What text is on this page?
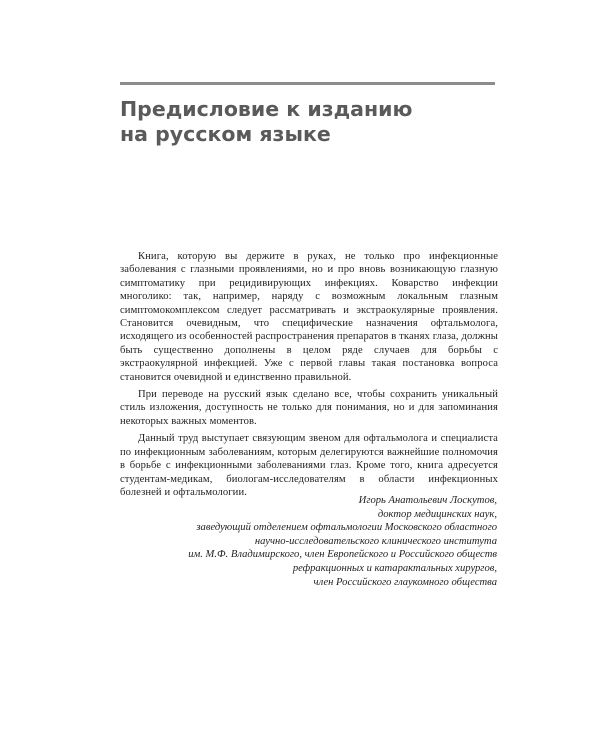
Предисловие к изданию
на русском языке

Книга, которую вы держите в руках, не только про инфекционные заболевания с глазными проявлениями, но и про вновь возникающую глазную симптоматику при рецидивирующих инфекциях. Коварство инфекции многолико: так, например, наряду с возможным локальным глазным симптомокомплексом следует рассматривать и экстраокулярные проявления. Становится очевидным, что специфические назначения офтальмолога, исходящего из особенностей распространения препаратов в тканях глаза, должны быть существенно дополнены в целом ряде случаев для борьбы с экстраокулярной инфекцией. Уже с первой главы такая постановка вопроса становится очевидной и единственно правильной.

При переводе на русский язык сделано все, чтобы сохранить уникальный стиль изложения, доступность не только для понимания, но и для запоминания некоторых важных моментов.

Данный труд выступает связующим звеном для офтальмолога и специалиста по инфекционным заболеваниям, которым делегируются важнейшие полномочия в борьбе с инфекционными заболеваниями глаз. Кроме того, книга адресуется студентам-медикам, биологам-исследователям в области инфекционных болезней и офтальмологии.

Игорь Анатольевич Лоскутов,
доктор медицинских наук,
заведующий отделением офтальмологии Московского областного
научно-исследовательского клинического института
им. М.Ф. Владимирского, член Европейского и Российского обществ
рефракционных и катарактальных хирургов,
член Российского глаукомного общества
